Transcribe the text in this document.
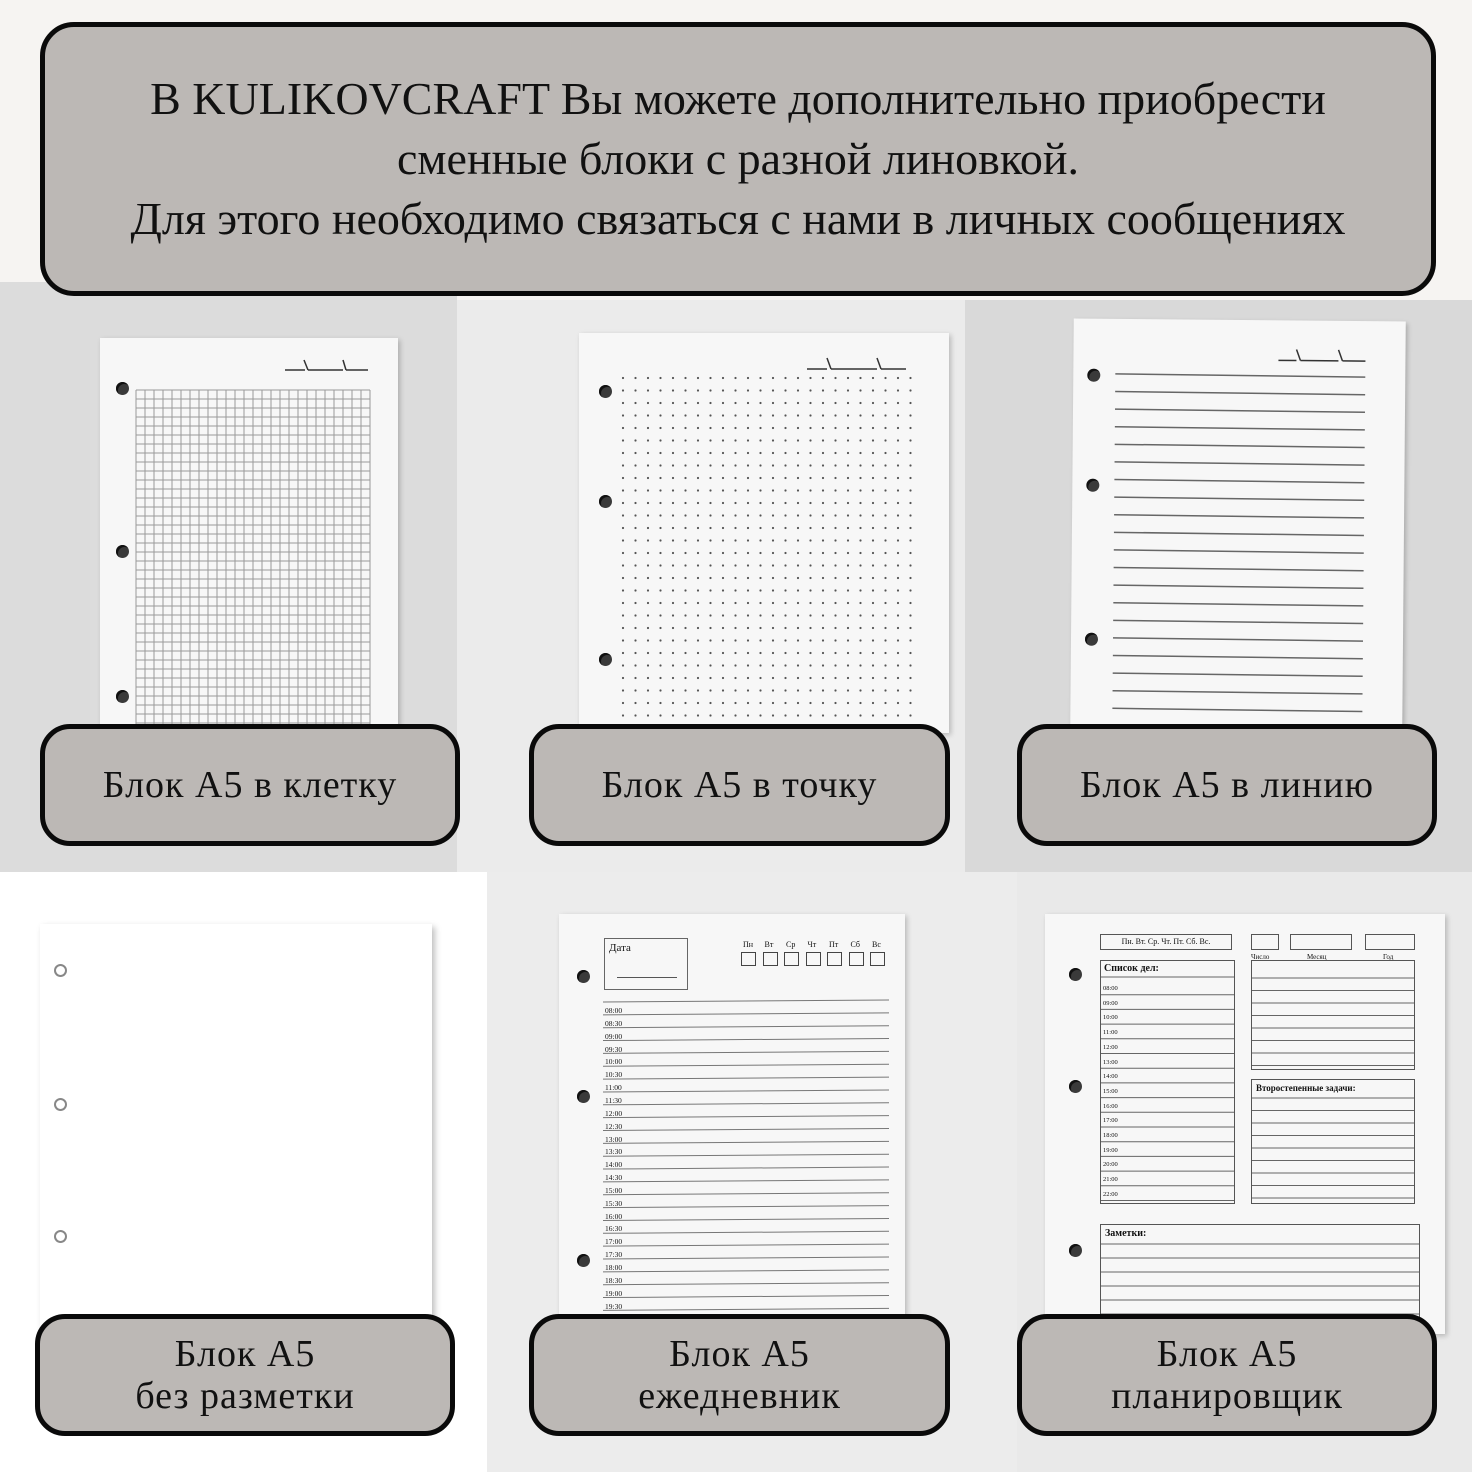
В KULIKOVCRAFT Вы можете дополнительно приобрести
сменные блоки с разной линовкой.
Для этого необходимо связаться с нами в личных сообщениях
Дата	Пн Вт Ср Чт Пт Сб Вс
08:00
08:30
09:00
09:30
10:00
10:30
11:00
11:30
12:00
12:30
13:00
13:30
14:00
14:30
15:00
15:30
16:00
16:30
17:00
17:30
18:00
18:30
19:00
19:30
Пн. Вт. Ср. Чт. Пт. Сб. Вс.
Число	Месяц	Год
Список дел:
08:00
09:00
10:00
11:00
12:00
13:00
14:00
15:00
16:00
17:00
18:00
19:00
20:00
21:00
22:00
Второстепенные задачи:
Заметки:
Блок А5 в клетку	Блок А5 в точку	Блок А5 в линию
Блок А5
без разметки
Блок А5
ежедневник
Блок А5
планировщик
